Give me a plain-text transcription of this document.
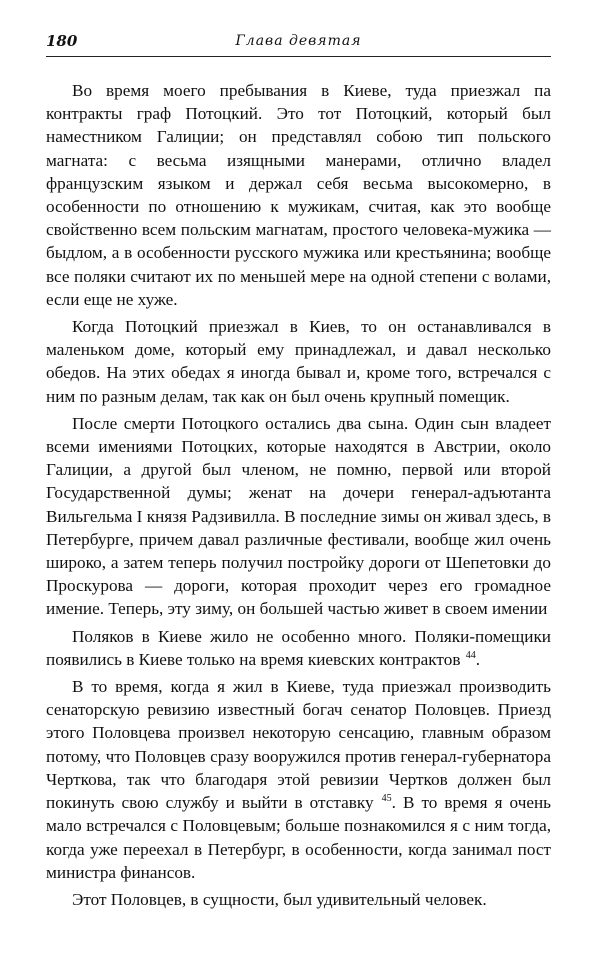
180	Глава девятая

Во время моего пребывания в Киеве, туда приезжал па контракты граф Потоцкий. Это тот Потоцкий, который был наместником Галиции; он представлял собою тип польского магната: с весьма изящными манерами, отлично владел французским языком и держал себя весьма высокомерно, в особенности по отношению к мужикам, считая, как это вообще свойственно всем польским магнатам, простого человека-мужика — быдлом, а в особенности русского мужика или крестьянина; вообще все поляки считают их по меньшей мере на одной степени с волами, если еще не хуже.

Когда Потоцкий приезжал в Киев, то он останавливался в маленьком доме, который ему принадлежал, и давал несколько обедов. На этих обедах я иногда бывал и, кроме того, встречался с ним по разным делам, так как он был очень крупный помещик.

После смерти Потоцкого остались два сына. Один сын владеет всеми имениями Потоцких, которые находятся в Австрии, около Галиции, а другой был членом, не помню, первой или второй Государственной думы; женат на дочери генерал-адъютанта Вильгельма I князя Радзивилла. В последние зимы он живал здесь, в Петербурге, причем давал различные фестивали, вообще жил очень широко, а затем теперь получил постройку дороги от Шепетовки до Проскурова — дороги, которая проходит через его громадное имение. Теперь, эту зиму, он большей частью живет в своем имении

Поляков в Киеве жило не особенно много. Поляки-помещики появились в Киеве только на время киевских контрактов $^{44}$.

В то время, когда я жил в Киеве, туда приезжал производить сенаторскую ревизию известный богач сенатор Половцев. Приезд этого Половцева произвел некоторую сенсацию, главным образом потому, что Половцев сразу вооружился против генерал-губернатора Черткова, так что благодаря этой ревизии Чертков должен был покинуть свою службу и выйти в отставку $^{45}$. В то время я очень мало встречался с Половцевым; больше познакомился я с ним тогда, когда уже переехал в Петербург, в особенности, когда занимал пост министра финансов.

Этот Половцев, в сущности, был удивительный человек.
